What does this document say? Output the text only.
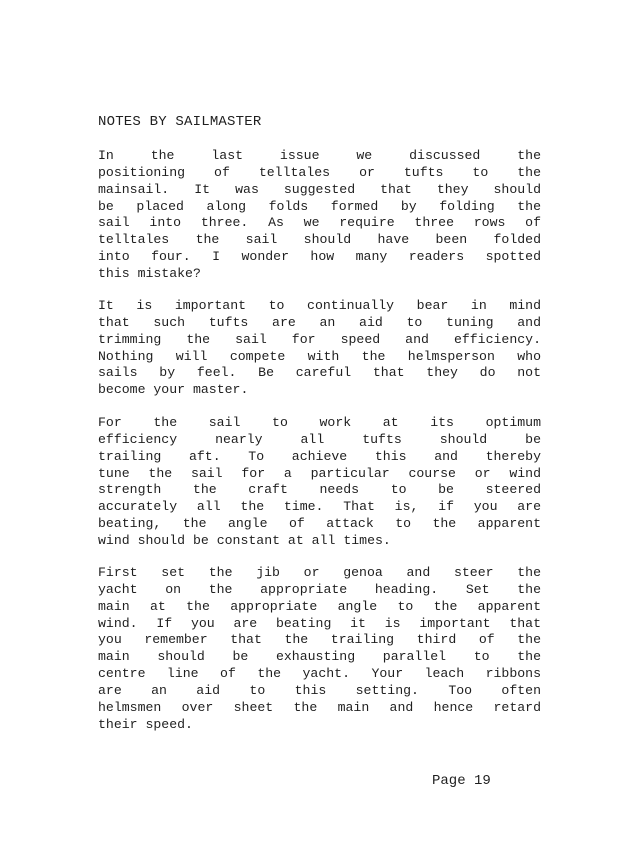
NOTES BY SAILMASTER
In the last issue we discussed the
positioning of telltales or tufts to the
mainsail. It was suggested that they should
be placed along folds formed by folding the
sail into three. As we require three rows of
telltales the sail should have been folded
into four. I wonder how many readers spotted
this mistake?
It is important to continually bear in mind
that such tufts are an aid to tuning and
trimming the sail for speed and efficiency.
Nothing will compete with the helmsperson who
sails by feel. Be careful that they do not
become your master.
For the sail to work at its optimum
efficiency nearly all tufts should be
trailing aft. To achieve this and thereby
tune the sail for a particular course or wind
strength the craft needs to be steered
accurately all the time. That is, if you are
beating, the angle of attack to the apparent
wind should be constant at all times.
First set the jib or genoa and steer the
yacht on the appropriate heading. Set the
main at the appropriate angle to the apparent
wind. If you are beating it is important that
you remember that the trailing third of the
main should be exhausting parallel to the
centre line of the yacht. Your leach ribbons
are an aid to this setting. Too often
helmsmen over sheet the main and hence retard
their speed.
Page 19
